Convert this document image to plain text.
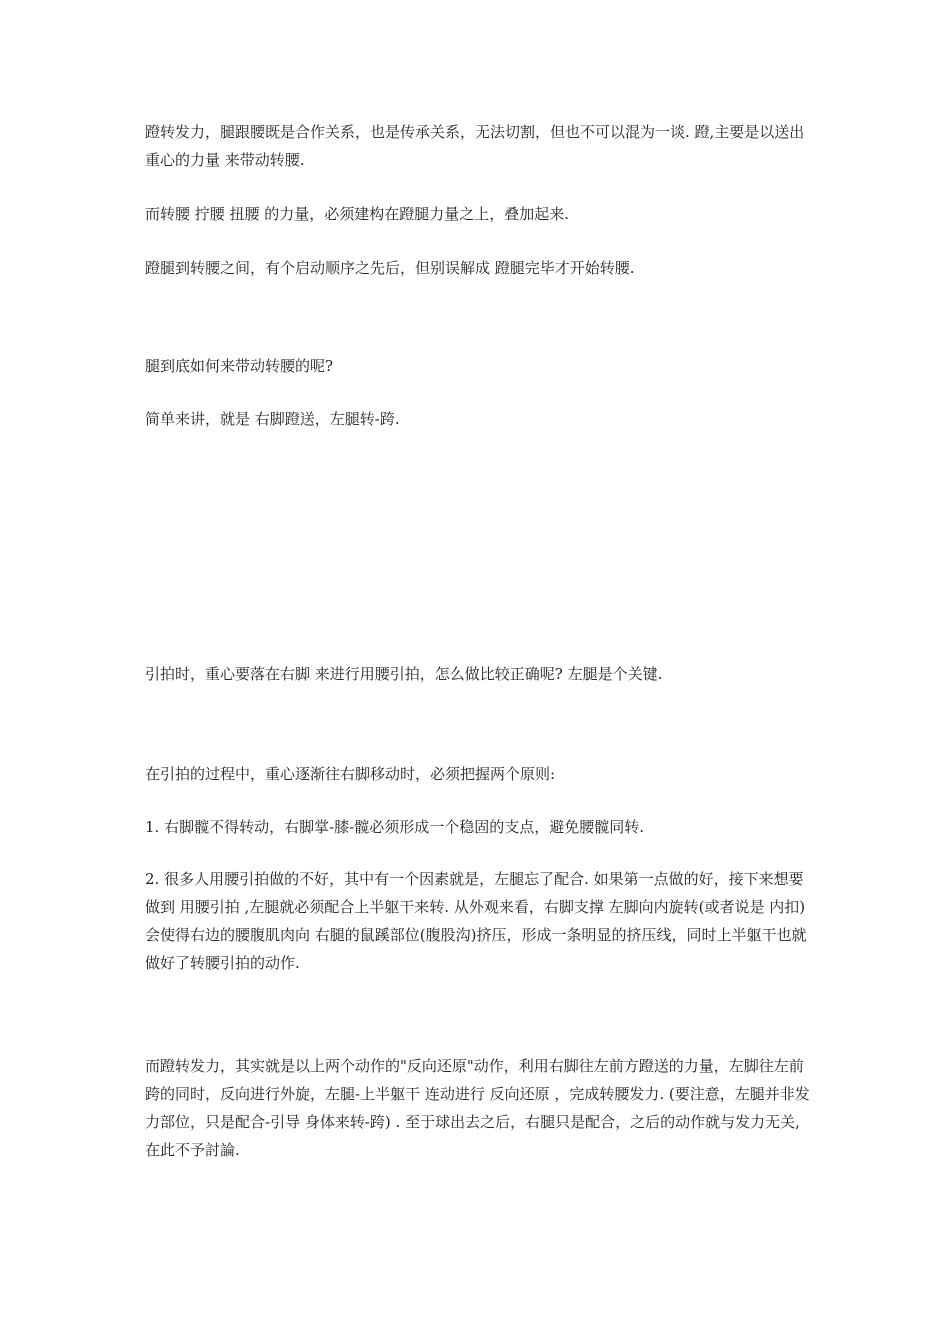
蹬转发力，腿跟腰既是合作关系，也是传承关系，无法切割，但也不可以混为一谈. 蹬,主要是以送出重心的力量 来带动转腰.

而转腰 拧腰 扭腰 的力量，必须建构在蹬腿力量之上，叠加起来.

蹬腿到转腰之间，有个启动顺序之先后，但别误解成 蹬腿完毕才开始转腰.

腿到底如何来带动转腰的呢?

简单来讲，就是 右脚蹬送，左腿转-跨.

引拍时，重心要落在右脚 来进行用腰引拍，怎么做比较正确呢? 左腿是个关键.

在引拍的过程中，重心逐渐往右脚移动时，必须把握两个原则:

1. 右脚髋不得转动，右脚掌-膝-髋必须形成一个稳固的支点，避免腰髋同转.

2. 很多人用腰引拍做的不好，其中有一个因素就是，左腿忘了配合. 如果第一点做的好，接下来想要做到 用腰引拍 ,左腿就必须配合上半躯干来转. 从外观来看，右脚支撑 左脚向内旋转(或者说是 内扣) 会使得右边的腰腹肌肉向 右腿的鼠蹊部位(腹股沟)挤压，形成一条明显的挤压线，同时上半躯干也就做好了转腰引拍的动作.

而蹬转发力，其实就是以上两个动作的"反向还原"动作，利用右脚往左前方蹬送的力量，左脚往左前跨的同时，反向进行外旋，左腿-上半躯干 连动进行 反向还原 ，完成转腰发力. (要注意，左腿并非发力部位，只是配合-引导 身体来转-跨) . 至于球出去之后，右腿只是配合，之后的动作就与发力无关,在此不予討論.
